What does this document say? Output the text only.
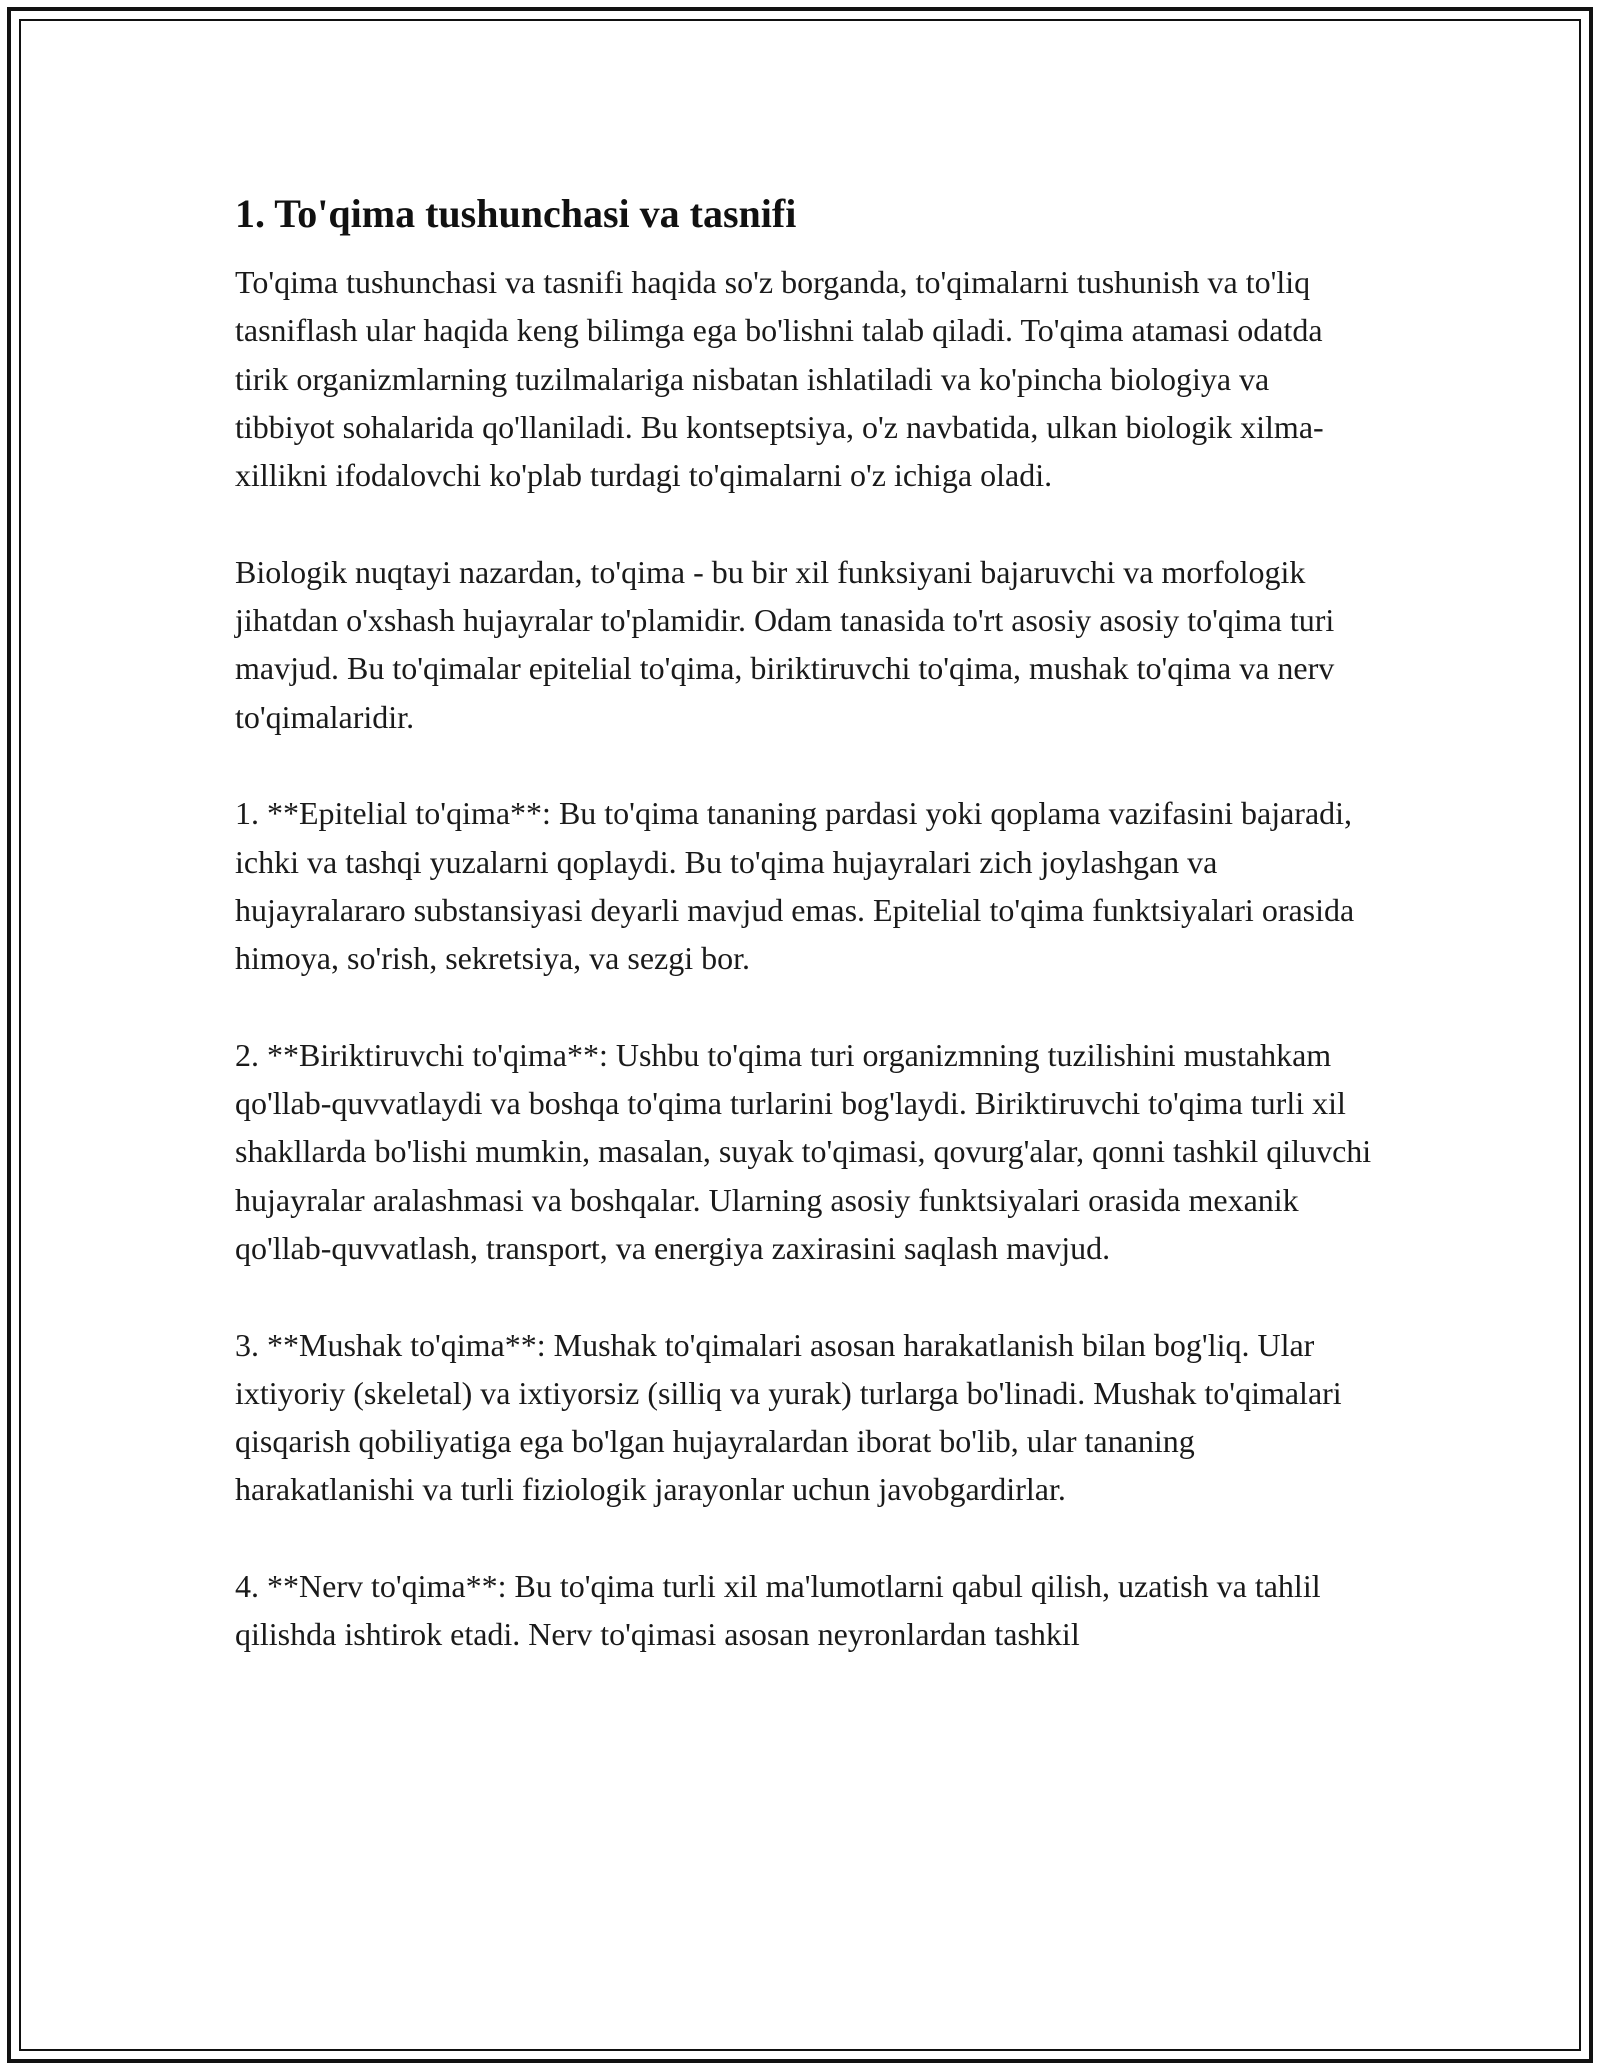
1. To'qima tushunchasi va tasnifi

To'qima tushunchasi va tasnifi haqida so'z borganda, to'qimalarni tushunish va to'liq tasniflash ular haqida keng bilimga ega bo'lishni talab qiladi. To'qima atamasi odatda tirik organizmlarning tuzilmalariga nisbatan ishlatiladi va ko'pincha biologiya va tibbiyot sohalarida qo'llaniladi. Bu kontseptsiya, o'z navbatida, ulkan biologik xilma-xillikni ifodalovchi ko'plab turdagi to'qimalarni o'z ichiga oladi.

Biologik nuqtayi nazardan, to'qima - bu bir xil funksiyani bajaruvchi va morfologik jihatdan o'xshash hujayralar to'plamidir. Odam tanasida to'rt asosiy asosiy to'qima turi mavjud. Bu to'qimalar epitelial to'qima, biriktiruvchi to'qima, mushak to'qima va nerv to'qimalaridir.

1. **Epitelial to'qima**: Bu to'qima tananing pardasi yoki qoplama vazifasini bajaradi, ichki va tashqi yuzalarni qoplaydi. Bu to'qima hujayralari zich joylashgan va hujayralararo substansiyasi deyarli mavjud emas. Epitelial to'qima funktsiyalari orasida himoya, so'rish, sekretsiya, va sezgi bor.

2. **Biriktiruvchi to'qima**: Ushbu to'qima turi organizmning tuzilishini mustahkam qo'llab-quvvatlaydi va boshqa to'qima turlarini bog'laydi. Biriktiruvchi to'qima turli xil shakllarda bo'lishi mumkin, masalan, suyak to'qimasi, qovurg'alar, qonni tashkil qiluvchi hujayralar aralashmasi va boshqalar. Ularning asosiy funktsiyalari orasida mexanik qo'llab-quvvatlash, transport, va energiya zaxirasini saqlash mavjud.

3. **Mushak to'qima**: Mushak to'qimalari asosan harakatlanish bilan bog'liq. Ular ixtiyoriy (skeletal) va ixtiyorsiz (silliq va yurak) turlarga bo'linadi. Mushak to'qimalari qisqarish qobiliyatiga ega bo'lgan hujayralardan iborat bo'lib, ular tananing harakatlanishi va turli fiziologik jarayonlar uchun javobgardirlar.

4. **Nerv to'qima**: Bu to'qima turli xil ma'lumotlarni qabul qilish, uzatish va tahlil qilishda ishtirok etadi. Nerv to'qimasi asosan neyronlardan tashkil
